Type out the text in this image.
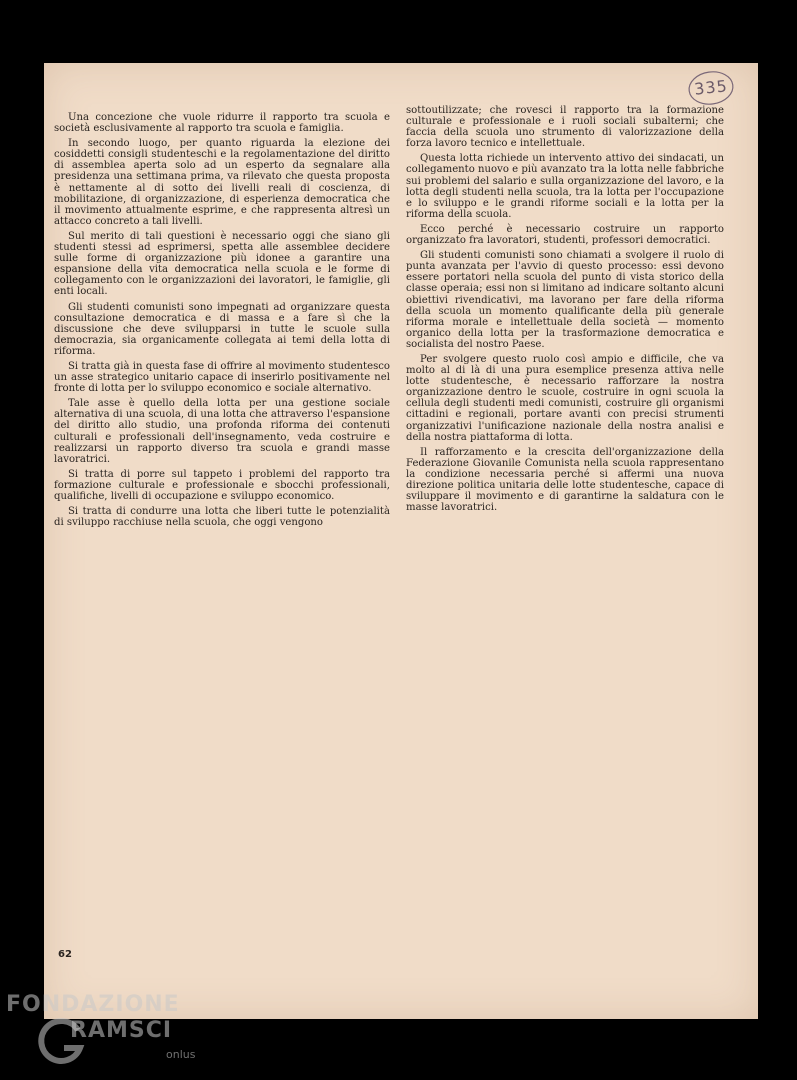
335

Una concezione che vuole ridurre il rapporto tra scuola e società esclusivamente al rapporto tra scuola e famiglia.

In secondo luogo, per quanto riguarda la elezione dei cosiddetti consigli studenteschi e la regolamentazione del diritto di assemblea aperta solo ad un esperto da segnalare alla presidenza una settimana prima, va rilevato che questa proposta è nettamente al di sotto dei livelli reali di coscienza, di mobilitazione, di organizzazione, di esperienza democratica che il movimento attualmente esprime, e che rappresenta altresì un attacco concreto a tali livelli.

Sul merito di tali questioni è necessario oggi che siano gli studenti stessi ad esprimersi, spetta alle assemblee decidere sulle forme di organizzazione più idonee a garantire una espansione della vita democratica nella scuola e le forme di collegamento con le organizzazioni dei lavoratori, le famiglie, gli enti locali.

Gli studenti comunisti sono impegnati ad organizzare questa consultazione democratica e di massa e a fare sì che la discussione che deve svilupparsi in tutte le scuole sulla democrazia, sia organicamente collegata ai temi della lotta di riforma.

Si tratta già in questa fase di offrire al movimento studentesco un asse strategico unitario capace di inserirlo positivamente nel fronte di lotta per lo sviluppo economico e sociale alternativo.

Tale asse è quello della lotta per una gestione sociale alternativa di una scuola, di una lotta che attraverso l'espansione del diritto allo studio, una profonda riforma dei contenuti culturali e professionali dell'insegnamento, veda costruire e realizzarsi un rapporto diverso tra scuola e grandi masse lavoratrici.

Si tratta di porre sul tappeto i problemi del rapporto tra formazione culturale e professionale e sbocchi professionali, qualifiche, livelli di occupazione e sviluppo economico.

Si tratta di condurre una lotta che liberi tutte le potenzialità di sviluppo racchiuse nella scuola, che oggi vengono

sottoutilizzate; che rovesci il rapporto tra la formazione culturale e professionale e i ruoli sociali subalterni; che faccia della scuola uno strumento di valorizzazione della forza lavoro tecnico e intellettuale.

Questa lotta richiede un intervento attivo dei sindacati, un collegamento nuovo e più avanzato tra la lotta nelle fabbriche sui problemi del salario e sulla organizzazione del lavoro, e la lotta degli studenti nella scuola, tra la lotta per l'occupazione e lo sviluppo e le grandi riforme sociali e la lotta per la riforma della scuola.

Ecco perché è necessario costruire un rapporto organizzato fra lavoratori, studenti, professori democratici.

Gli studenti comunisti sono chiamati a svolgere il ruolo di punta avanzata per l'avvio di questo processo: essi devono essere portatori nella scuola del punto di vista storico della classe operaia; essi non si limitano ad indicare soltanto alcuni obiettivi rivendicativi, ma lavorano per fare della riforma della scuola un momento qualificante della più generale riforma morale e intellettuale della società — momento organico della lotta per la trasformazione democratica e socialista del nostro Paese.

Per svolgere questo ruolo così ampio e difficile, che va molto al di là di una pura esemplice presenza attiva nelle lotte studentesche, è necessario rafforzare la nostra organizzazione dentro le scuole, costruire in ogni scuola la cellula degli studenti medi comunisti, costruire gli organismi cittadini e regionali, portare avanti con precisi strumenti organizzativi l'unificazione nazionale della nostra analisi e della nostra piattaforma di lotta.

Il rafforzamento e la crescita dell'organizzazione della Federazione Giovanile Comunista nella scuola rappresentano la condizione necessaria perché si affermi una nuova direzione politica unitaria delle lotte studentesche, capace di sviluppare il movimento e di garantirne la saldatura con le masse lavoratrici.

62
FONDAZIONE
RAMSCI
onlus
